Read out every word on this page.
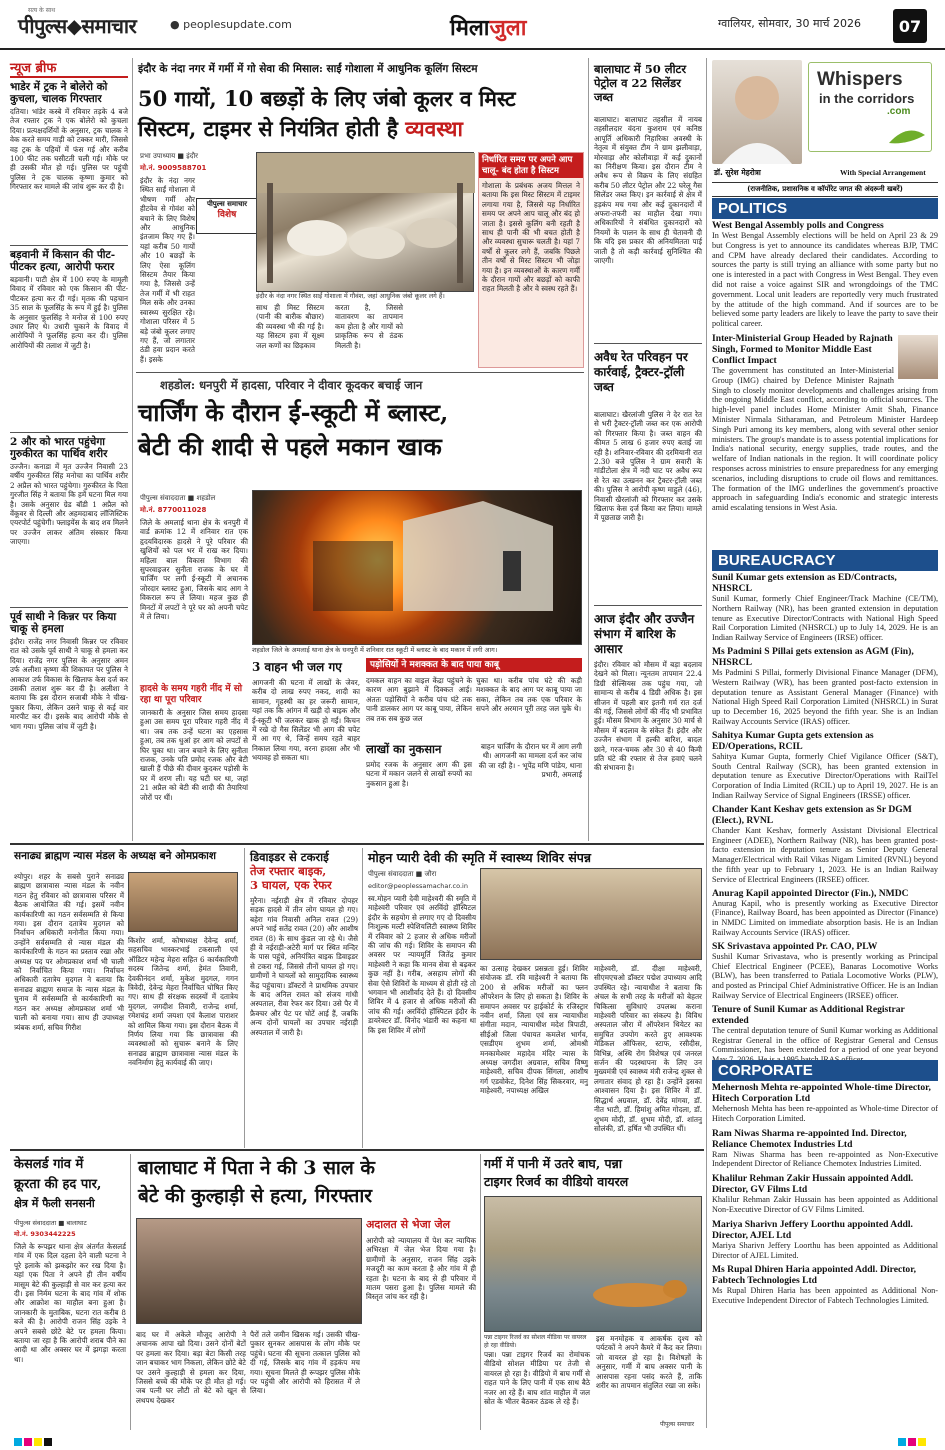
सत्य के साथ
पीपुल्स◆समाचार	● peoplesupdate.com	मिलाजुला	ग्वालियर, सोमवार, 30 मार्च 2026	07
न्यूज ब्रीफ
भाडेर में ट्रक ने बोलेरो को कुचला, चालक गिरफ्तार
दतिया। भांडेर कस्बे में रविवार तड़के 4 बजे तेज रफ्तार ट्रक ने एक बोलेरो को कुचला दिया। प्रत्यक्षदर्शियों के अनुसार, ट्रक चालक ने वेक करते समय गाड़ी को टक्कर मारी, जिससे वह ट्रक के पहियों में फंस गई और करीब 100 फीट तक घसीटती चली गई। मौके पर ही उसकी मौत हो गई। पुलिस पर पहुंची पुलिस ने ट्रक चालक कृष्णा कुमार को गिरफ्तार कर मामले की जांच शुरू कर दी है।
बड़वानी में किसान की पीट-पीटकर हत्या, आरोपी फरार
बड़वानी। पाटी क्षेत्र में 100 रुपए के मामूली विवाद में रविवार को एक किसान की पीट-पीटकर हत्या कर दी गई। मृतक की पहचान 35 साल के फूलसिंह के रूप में हुई है। पुलिस के अनुसार फूलसिंह ने मनोज से 100 रुपए उधार लिए थे। उधारी चुकाने के विवाद में आरोपियों ने फूलसिंह हत्या कर दी। पुलिस आरोपियों की तलाश में जुटी है।
2 और को भारत पहुंचेगा गुरुकीरत का पार्थिव शरीर
उज्जैन। कनाडा में मृत उज्जैन निवासी 23 वर्षीय गुरुकीरत सिंह मनोचा का पार्थिव शरीर 2 अप्रैल को भारत पहुंचेगा। गुरुकीरत के पिता गुरजीत सिंह ने बताया कि हमें घटना मिल गया है। उसके अनुसार ग्रेड बॉडी 1 अप्रैल को वेंकूवर से दिल्ली और अहमदाबाद लॉजिस्टिक एयरपोर्ट पहुंचेगी। फ्लाइयेंस के बाद शव मिलने पर उज्जैन लाकर अंतिम संस्कार किया जाएगा।
पूर्व साथी ने किन्नर पर किया चाकू से हमला
इंदौर। राजेंद्र नगर निवासी किन्नर पर रविवार रात को उसके पूर्व साथी ने चाकू से हमला कर दिया। राजेंद्र नगर पुलिस के अनुसार अमन उर्फ अलीशा कृष्णा की शिकायत पर पुलिस ने आकाश उर्फ विकास के खिलाफ केस दर्ज कर उसकी तलाश शुरू कर दी है। अलीशा ने बताया कि इस दौरान सजाबी मौके ने चीख-पुकार किया, लेकिन उसने चाकू से कई वार मारपीट कर दी। इसके बाद आरोपी मौके से भाग गया। पुलिस जांच में जुटी है।
इंदौर के नंदा नगर में गर्मी में गो सेवा की मिसाल: साईं गोशाला में आधुनिक कूलिंग सिस्टम
50 गायों, 10 बछड़ों के लिए जंबो कूलर व मिस्ट
सिस्टम, टाइमर से नियंत्रित होती है व्यवस्था
प्रभा उपाध्याय ■ इंदौर
मो.नं. 9009588701
इंदौर के नंदा नगर स्थित साईं गोशाला में भीषण गर्मी और हीटवेव से गोवंश को बचाने के लिए विशेष और आधुनिक इंतजाम किए गए हैं। यहां करीब 50 गायों और 10 बछड़ों के लिए ऐसा कूलिंग सिस्टम तैयार किया गया है, जिससे उन्हें तेज गर्मी में भी राहत मिल सके और उनका स्वास्थ्य सुरक्षित रहे। गोशाला परिसर में 5 बड़े जंबो कूलर लगाए गए हैं, जो लगातार ठंडी हवा प्रदान करते हैं। इसके
पीपुल्स समाचार
विशेष
इंदौर के नंदा नगर स्थित साईं गोशाला में गौवंश, जहां आधुनिक जंबो कूलर लगे हैं।
साथ ही मिस्ट सिस्टम (पानी की बारीक बौछार) की व्यवस्था भी की गई है। यह सिस्टम हवा में सूक्ष्म जल कणों का छिड़काव
करता है, जिससे वातावरण का तापमान कम होता है और गायों को प्राकृतिक रूप से ठंडक मिलती है।
निर्धारित समय पर अपने आप चालू- बंद होता है सिस्टम
गोशाला के प्रबंधक अजय मित्तल ने बताया कि इस मिस्ट सिस्टम में टाइमर लगाया गया है, जिससे यह निर्धारित समय पर अपने आप चालू और बंद हो जाता है। इससे कूलिंग बनी रहती है साथ ही पानी की भी बचत होती है और व्यवस्था सुचारू चलती है। यहां 7 वर्षों से कूलर लगे हैं, जबकि पिछले तीन वर्षों से मिस्ट सिस्टम भी जोड़ा गया है। इन व्यवस्थाओं के कारण गर्मी के दौरान गायों और बछड़ों को काफी राहत मिलती है और वे स्वस्थ रहते हैं।
बालाघाट में 50 लीटर पेट्रोल व 22 सिलेंडर जब्त
बालाघाट। बालाघाट तहसील में नायब तहसीलदार वंदना कुशराम एवं कनिष्ठ आपूर्ति अधिकारी निहारिका अवस्थी के नेतृत्व में संयुक्त टीम ने ग्राम झलीवाड़ा, मोरवाड़ा और कोलीवाड़ा में कई दुकानों का निरीक्षण किया। इस दौरान टीम ने अवैध रूप से विक्रय के लिए संग्रहित करीब 50 लीटर पेट्रोल और 22 घरेलू गैस सिलेंडर जब्त किए। इन कार्रवाई से क्षेत्र में हड़कंप मच गया और कई दुकानदारों में अफरा-तफरी का माहौल देखा गया। अधिकारियों ने संबंधित दुकानदारों को नियमों के पालन के साथ ही चेतावनी दी कि यदि इस प्रकार की अनियमितता पाई जाती है तो कड़ी कार्रवाई सुनिश्चित की जाएगी।
अवैध रेत परिवहन पर कार्रवाई, ट्रैक्टर-ट्रॉली जब्त
बालाघाट। खैरलांजी पुलिस ने देर रात रेत से भरी ट्रैक्टर-ट्रॉली जब्त कर एक आरोपी को गिरफ्तार किया है। जब्त वाहन की कीमत 5 लाख 6 हजार रुपए बताई जा रही है। शनिवार-रविवार की दरमियानी रात 2.30 बजे पुलिस ने ग्राम सवारी के गांडीटोला क्षेत्र में नदी घाट पर अवैध रूप से रेत का उत्खनन कर ट्रैक्टर-ट्रॉली जब्त की। पुलिस ने आरोपी कृष्ण माहुले (46), निवासी खैरलांजी को गिरफ्तार कर उसके खिलाफ केस दर्ज किया कर लिया। मामले में पूछताछ जारी है।
आज इंदौर और उज्जैन संभाग में बारिश के आसार
इंदौर। रविवार को मौसम में बड़ा बदलाव देखने को मिला। न्यूनतम तापमान 22.4 डिग्री सेल्सियस तक पहुंच गया, जो सामान्य से करीब 4 डिग्री अधिक है। इस सीजन में पहली बार इतनी गर्म रात दर्ज की गई, जिससे लोगों की नींद भी प्रभावित हुई। मौसम विभाग के अनुसार 30 मार्च से मौसम में बदलाव के संकेत हैं। इंदौर और उज्जैन संभाग में हल्की बारिश, बादल छाने, गरज-चमक और 30 से 40 किमी प्रति घंटे की रफ्तार से तेज हवाएं चलने की संभावना है।
शहडोल: धनपुरी में हादसा, परिवार ने दीवार कूदकर बचाई जान
चार्जिंग के दौरान ई-स्कूटी में ब्लास्ट,
बेटी की शादी से पहले मकान खाक
पीपुल्स संवाददाता ■ शहडोल
मो.नं. 8770011028
जिले के अमलाई थाना क्षेत्र के धनपुरी में वार्ड क्रमांक 12 में शनिवार रात एक हृदयविदारक हादसे ने पूरे परिवार की खुशियों को पल भर में राख कर दिया। महिला बाल विकास विभाग की सुपरवाइजर सुनीता राजक के घर में चार्जिंग पर लगी ई-स्कूटी में अचानक जोरदार ब्लास्ट हुआ, जिसके बाद आग ने विकराल रूप ले लिया। महज कुछ ही मिनटों में लपटों ने पूरे घर को अपनी चपेट में ले लिया।
हादसे के समय गहरी नींद में सो रहा था पूरा परिवार
जानकारी के अनुसार जिस समय हादसा हुआ उस समय पूरा परिवार गहरी नींद में था। जब तक उन्हें घटना का एहसास हुआ, तब तक धुआं हर आग को लपटों से घिर चुका था। जान बचाने के लिए सुनीता राजक, उनके पति प्रमोद रजक और बेटी खाली हैं पीछे की दीवार कूदकर पड़ोसी के घर में शरण ली। यह घटी घर था, जहां 21 अप्रैल को बेटी की शादी की तैयारियां जोरों पर थीं।
शहडोल जिले के अमलाई थाना क्षेत्र के धनपुरी में शनिवार रात स्कूटी में ब्लास्ट के बाद मकान में लगी आग।
3 वाहन भी जल गए
आगजनी की घटना में लाखों के जेवर, करीब दो लाख रुपए नकद, शादी का सामान, गृहस्थी का हर जरूरी सामान, यहां तक कि आंगन में खड़ी दो बाइक और ई-स्कूटी भी जलकर खाक हो गईं। किचन में रखे दो गैस सिलेंडर भी आग की चपेट में आ गए थे, जिन्हें समय रहते बाहर निकाल लिया गया, वरना हादसा और भी भयावह हो सकता था।
पड़ोसियों ने मशक्कत के बाद पाया काबू
दमकल वाहन का वाइल केंद्रा पहुंचने के कारण आग बुझाने में दिक्कत आई। अंततः पड़ोसियों ने करीब पांच घंटे तक पानी डालकर आग पर काबू पाया, लेकिन तब तक सब कुछ जल
चुका था। करीब पांच घंटे की कड़ी मशक्कत के बाद आग पर काबू पाया जा सका, लेकिन तब तक एक परिवार के सपने और अरमान पूरी तरह जल चुके थे।
लाखों का नुकसान
प्रमोद रजक के अनुसार आग की इस घटना में मकान जलने से लाखों रुपयों का नुकसान हुआ है।
बाहन चार्जिंग के दौरान घर में आग लगी थी। आगजनी का मामला दर्ज कर जांच की जा रही है। - भूपेंद्र मणि पांडेय, थाना प्रभारी, अमलाई
सनाढ्य ब्राह्मण न्यास मंडल के अध्यक्ष बने ओमप्रकाश
श्योपुर। शहर के सबसे पुराने सनाढ्य ब्राह्मण छात्रावास न्यास मंडल के नवीन गठन हेतु रविवार को छात्रावास परिसर में बैठक आयोजित की गई। इसमें नवीन कार्यकारिणी का गठन सर्वसम्मति से किया गया। इस दौरान दतात्रेय मुदगल को निर्वाचन अधिकारी मनोनीत किया गया। उन्होंने सर्वसम्मति से न्यास मंडल की कार्यकारिणी के गठन का प्रस्ताव रखा और अध्यक्ष पद पर ओमप्रकाश शर्मा भी चाली को निर्वाचित किया गया। निर्वाचन अधिकारी दतात्रेय मुदगल ने बताया कि सनाढ्य ब्राह्मण समाज के न्यास मंडल के चुनाव में सर्वसम्मति से कार्यकारिणी का गठन कर अध्यक्ष ओमप्रकाश शर्मा भी चाली को बनाया गया। साथ ही उपाध्यक्ष त्र्यंबक शर्मा, सचिव गिरीश
किशोर शर्मा, कोषाध्यक्ष देवेन्द्र शर्मा, सहसचिव भास्करभाई टकसाली एवं ऑडिटर महेन्द्र मेहरा सहित 6 कार्यकारिणी सदस्य जितेन्द्र शर्मा, हेमंत तिवारी, देवकीनंदन शर्मा, मुकेश मुदगल, गगन त्रिवेदी, देवेन्द्र मेहरा निर्वाचित घोषित किए गए। साथ ही संरक्षक सदस्यों में दतात्रेय मुदगल, जगदीश तिवारी, राजेन्द्र शर्मा, रमेशचंद्र शर्मा जयशा एवं कैलाश पाराशर को शामिल किया गया। इस दौरान बैठक में निर्णय लिया गया कि छात्रावास की व्यवस्थाओं को सुचारू बनाने के लिए सनाढ्य ब्राह्मण छात्रावास न्यास मंडल के नवनिर्माण हेतु कार्यवाई की जाए।
डिवाइडर से टकराई
तेज रफ्तार बाइक,
3 घायल, एक रेफर
मुरैना। नईराड़ी क्षेत्र में रविवार दोपहर सड़क हादसे में तीन लोग घायल हो गए। बहेरा गांव निवासी अनिल रावत (29) अपने भाई सतेंद्र रावत (20) और आशीष रावत (8) के साथ कुंडल जा रहे थे। जैसे ही वे नईराड़ी-अटेरी मार्ग पर स्थित मन्दिर के पास पहुंचे, अनियंत्रित बाइक डिवाइडर से टकरा गई, जिससे तीनों घायल हो गए। ग्रामीणों ने घायलों को सामुदायिक स्वास्थ्य केंद्र पहुंचाया। डॉक्टरों ने प्राथमिक उपचार के बाद अनिल रावत को संजय गांधी अस्पताल, रीवा रेफर कर दिया। उसे पैर में फ्रैक्चर और पेट पर चोटें आई हैं, जबकि अन्य दोनों घायलों का उपचार नईराड़ी अस्पताल में जारी है।
मोहन प्यारी देवी की स्मृति में स्वास्थ्य शिविर संपन्न
पीपुल्स संवाददाता ■ जौरा
editor@peoplessamachar.co.in
स्व.मोहन प्यारी देवी माहेश्वरी की स्मृति में माहेश्वरी परिवार एवं अरविंदो हॉस्पिटल इंदौर के सहयोग से लगाए गए दो दिवसीय निःशुल्क मल्टी स्पेशियलिटी स्वास्थ्य शिविर में रविवार को 2 हजार से अधिक मरीजों की जांच की गई। शिविर के समापन की अवसर पर न्यायमूर्ति जितेंद्र कुमार माहेश्वरी ने कहा कि मानव सेवा से बढ़कर कुछ नहीं है। गरीब, असहाय लोगों की सेवा ऐसे शिविरों के माध्यम से होती रहे तो भगवान भी आशीर्वाद देते हैं। दो दिवसीय शिविर में 4 हजार से अधिक मरीजों की जांच की गई। अरविंदो हॉस्पिटल इंदौर के डायरेक्टर डॉ. विनोद भंडारी का कहना था कि इस शिविर में लोगों
का उत्साह देखकर प्रसन्नता हुई। शिविर संयोजक डॉ. रवि माहेश्वरी ने बताया कि 200 से अधिक मरीजों का फ्लन ऑपरेशन के लिए हो सकता है। शिविर के समापन अवसर पर हाईकोर्ट के रजिस्ट्रार नवीन शर्मा, जिला एवं सत्र न्यायाधीश संगीता मदान, न्यायाधीश मदेश त्रिपाठी, सीईओ जिला पंचायत कमलेश भार्गव, एसडीएम शुभम शर्मा, ओमश्री मनकामेश्वर महादेव मंदिर न्यास के अध्यक्ष जगदीश अग्रवाल, सचिव विष्णु माहेश्वरी, सचिव दीपक सिंगला, आशीष गर्ग एडवोकेट, दिनेश सिंह सिकरवार, मनु माहेश्वरी, नपाध्यक्ष अखिल
माहेश्वरी, डॉ. दीक्षा माहेश्वरी, सीएमएचओ डॉक्टर पद्मेश उपाध्याय आदि उपस्थित रहे। न्यायाधीश ने बताया कि अंचल के सभी तरह के मरीजों को बेहतर चिकित्सा सुविधाएं उपलब्ध कराना माहेश्वरी परिवार का संकल्प है। विविध अस्पताल जौरा में ऑपरेशन थियेटर का समुचित उपयोग करते हुए आवश्यक मेडिकल ऑफिसर, स्टाफ, रसीदीस, विभिन्न, अस्थि रोग विशेषज्ञ एवं जनरल सर्जन की पदस्थापना के लिए उन मुख्यमंत्री एवं स्वास्थ्य मंत्री राजेन्द्र शुक्ल से लगातार संवाद हो रहा है। उन्होंने इसका आश्वासन दिया है। इस शिविर में डॉ. सिद्धार्थ अग्रवाल, डॉ. देवेंद्र मांगवा, डॉ. नीत भाटी, डॉ. हिमांशु अमित गोदला, डॉ. शुभम मोदी, डॉ. शुभम मोदी, डॉ. शांतनु सोलंकी, डॉ. हर्षित भी उपस्थित थीं।
केसलर्ड गांव में
क्रूरता की हद पार,
क्षेत्र में फैली सनसनी
पीपुल्स संवाददाता ■ बालाघाट
मो.नं. 9303442225
जिले के रूपझर थाना क्षेत्र अंतर्गत केसलर्ड गांव में एक दिल दहला देने वाली घटना ने पूरे इलाके को झकझोर कर रख दिया है। यहां एक पिता ने अपने ही तीन वर्षीय मासूम बेटे की कुल्हाड़ी से वार कर हत्या कर दी। इस निर्मम घटना के बाद गांव में शोक और आक्रोश का माहौल बना हुआ है। जानकारी के मुताबिक, घटना रात करीब 8 बजे की है। आरोपी राजन सिंह उइके ने अपने सबसे छोटे बेटे पर हमला किया। बताया जा रहा है कि आरोपी शराब पीने का आदी था और अक्सर घर में झगड़ा करता था।
बालाघाट में पिता ने की 3 साल के
बेटे की कुल्हाड़ी से हत्या, गिरफ्तार
बाद घर में अकेले मौजूद आरोपी ने अचानक आपा खो दिया। उसने दोनों बेटों पर हमला कर दिया। बड़ा बेटा किसी तरह जान बचाकर भाग निकला, लेकिन छोटे बेटे पर उसने कुल्हाड़ी से हमला कर दिया, जिससे बच्चे की मौके पर ही मौत हो गई। जब पत्नी घर लौटी तो बेटे को खून से लथपथ देखकर
पैरों तले जमीन खिसक गई। उसकी चीख-पुकार सुनकर आसपास के लोग मौके पर पहुंचे। घटना की सूचना तत्काल पुलिस को दी गई, जिसके बाद गांव में हड़कंप मच गया। सूचना मिलते ही रूपझर पुलिस मौके पर पहुंची और आरोपी को हिरासत में ले लिया।
अदालत से भेजा जेल
आरोपी को न्यायालय में पेश कर न्यायिक अभिरक्षा में जेल भेज दिया गया है। ग्रामीणों के अनुसार, राजन सिंह उइके मजदूरी का काम करता है और गांव में ही रहता है। घटना के बाद से ही परिवार में मातम पसरा हुआ है। पुलिस मामले की विस्तृत जांच कर रही है।
गर्मी में पानी में उतरे बाघ, पन्ना
टाइगर रिजर्व का वीडियो वायरल
पन्ना टाइगर रिजर्व का सोशल मीडिया पर वायरल हो रहा वीडियो।
पन्ना। पन्ना टाइगर रिजर्व का रोमांचक वीडियो सोशल मीडिया पर तेजी से वायरल हो रहा है। वीडियो में बाघ गर्मी से राहत पाने के लिए पानी में एक साथ बैठे नजर आ रहे हैं। बाघ शांत माहौल में जल स्रोत के भीतर बैठकर ठंडक ले रहे हैं।
इस मनमोहक व आकर्षक दृश्य को पर्यटकों ने अपने कैमरे में कैद कर लिया। जो वायरल हो रहा है। विशेषज्ञों के अनुसार, गर्मी में बाघ अक्सर पानी के आसपास रहना पसंद करते हैं, ताकि शरीर का तापमान संतुलित रखा जा सके।
पीपुल्स समाचार
Whispers
in the corridors
.com
डॉ. सुरेश मेहरोत्रा	With Special Arrangement
(राजनीतिक, प्रशासनिक व कॉर्पोरेट जगत की अंदरूनी खबरें)
POLITICS
West Bengal Assembly polls and Congress
In West Bengal Assembly elections will be held on April 23 & 29 but Congress is yet to announce its candidates whereas BJP, TMC and CPM have already declared their candidates. According to sources the party is still trying an alliance with some party but no one is interested in a pact with Congress in West Bengal. They even did not raise a voice against SIR and wrongdoings of the TMC government. Local unit leaders are reportedly very much frustrated by the attitude of the high command. And if sources are to be believed some party leaders are likely to leave the party to save their political career.
Inter-Ministerial Group Headed by Rajnath Singh, Formed to Monitor Middle East Conflict Impact
The government has constituted an Inter-Ministerial Group (IMG) chaired by Defence Minister Rajnath Singh to closely monitor developments and challenges arising from the ongoing Middle East conflict, according to official sources. The high-level panel includes Home Minister Amit Shah, Finance Minister Nirmala Sitharaman, and Petroleum Minister Hardeep Singh Puri among its key members, along with several other senior ministers. The group's mandate is to assess potential implications for India's national security, energy supplies, trade routes, and the welfare of Indian nationals in the region. It will coordinate policy responses across ministries to ensure preparedness for any emerging scenarios, including disruptions to crude oil flows and remittances. The formation of the IMG underlines the government's proactive approach in safeguarding India's economic and strategic interests amid escalating tensions in West Asia.
BUREAUCRACY
Sunil Kumar gets extension as ED/Contracts, NHSRCL
Sunil Kumar, formerly Chief Engineer/Track Machine (CE/TM), Northern Railway (NR), has been granted extension in deputation tenure as Executive Director/Contracts with National High Speed Rail Corporation Limited (NHSRCL) up to July 14, 2029. He is an Indian Railway Service of Engineers (IRSE) officer.
Ms Padmini S Pillai gets extension as AGM (Fin), NHSRCL
Ms Padmini S Pillai, formerly Divisional Finance Manager (DFM), Western Railway (WR), has been granted post-facto extension in deputation tenure as Assistant General Manager (Finance) with National High Speed Rail Corporation Limited (NHSRCL) in Surat up to December 16, 2025 beyond the fifth year. She is an Indian Railway Accounts Service (IRAS) officer.
Sahitya Kumar Gupta gets extension as ED/Operations, RCIL
Sahitya Kumar Gupta, formerly Chief Vigilance Officer (S&T), South Central Railway (SCR), has been granted extension in deputation tenure as Executive Director/Operations with RailTel Corporation of India Limited (RCIL) up to April 19, 2027. He is an Indian Railway Service of Signal Engineers (IRSSE) officer.
Chander Kant Keshav gets extension as Sr DGM (Elect.), RVNL
Chander Kant Keshav, formerly Assistant Divisional Electrical Engineer (ADEE), Northern Railway (NR), has been granted post-facto extension in deputation tenure as Senior Deputy General Manager/Electrical with Rail Vikas Nigam Limited (RVNL) beyond the fifth year up to February 1, 2023. He is an Indian Railway Service of Electrical Engineers (IRSEE) officer.
Anurag Kapil appointed Director (Fin.), NMDC
Anurag Kapil, who is presently working as Executive Director (Finance), Railway Board, has been appointed as Director (Finance) in NMDC Limited on immediate absorption basis. He is an Indian Railway Accounts Service (IRAS) officer.
SK Srivastava appointed Pr. CAO, PLW
Sushil Kumar Srivastava, who is presently working as Principal Chief Electrical Engineer (PCEE), Banaras Locomotive Works (BLW), has been transferred to Patiala Locomotive Works (PLW), and posted as Principal Chief Administrative Officer. He is an Indian Railway Service of Electrical Engineers (IRSEE) officer.
Tenure of Sunil Kumar as Additional Registrar extended
The central deputation tenure of Sunil Kumar working as Additional Registrar General in the office of Registrar General and Census Commissioner, has been extended for a period of one year beyond
CORPORATE
Mehernosh Mehta re-appointed Whole-time Director, Hitech Corporation Ltd
Mehernosh Mehta has been re-appointed as Whole-time Director of Hitech Corporation Limited.
Ram Niwas Sharma re-appointed Ind. Director, Reliance Chemotex Industries Ltd
Ram Niwas Sharma has been re-appointed as Non-Executive Independent Director of Reliance Chemotex Industries Limited.
Khalilur Rehman Zakir Hussain appointed Addl. Director, GV Films Ltd
Khalilur Rehman Zakir Hussain has been appointed as Additional Non-Executive Director of GV Films Limited.
Mariya Sharivn Jeffery Loorthu appointed Addl. Director, AJEL Ltd
Mariya Sharivn Jeffery Loorthu has been appointed as Additional Director of AJEL Limited.
Ms Rupal Dhiren Haria appointed Addl. Director, Fabtech Technologies Ltd
Ms Rupal Dhiren Haria has been appointed as Additional Non-Executive Independent Director of Fabtech Technologies Limited.
